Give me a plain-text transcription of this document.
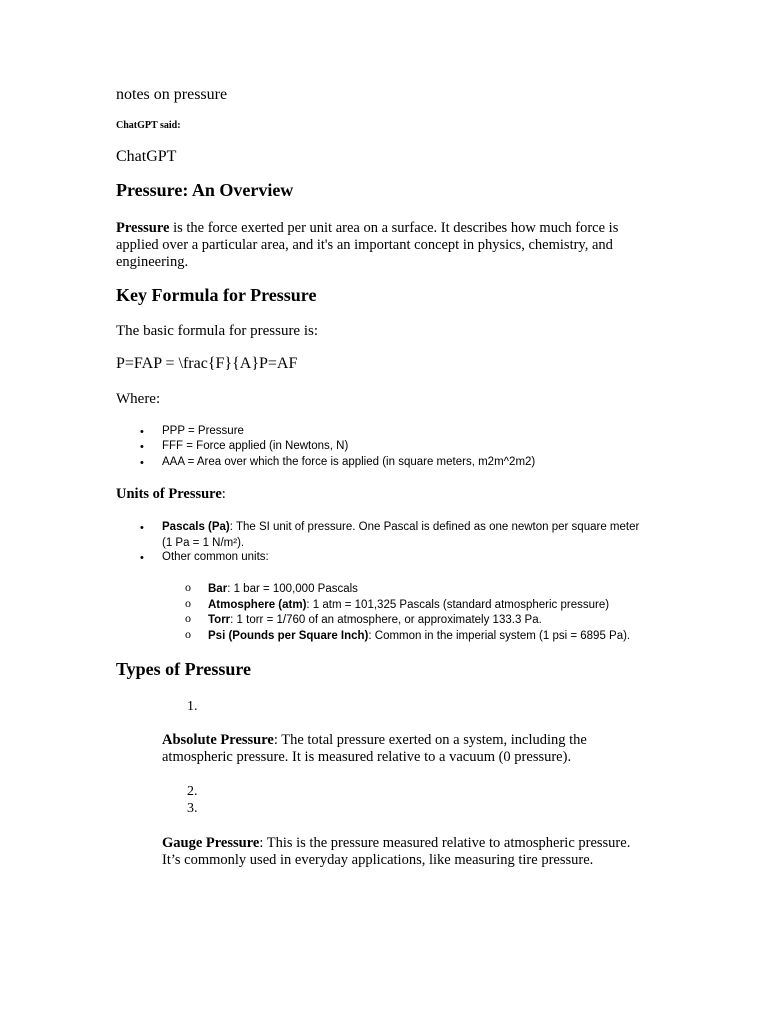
notes on pressure

ChatGPT said:

ChatGPT

Pressure: An Overview

Pressure is the force exerted per unit area on a surface. It describes how much force is applied over a particular area, and it's an important concept in physics, chemistry, and engineering.

Key Formula for Pressure

The basic formula for pressure is:

P=FAP = \frac{F}{A}P=AF

Where:

• PPP = Pressure
• FFF = Force applied (in Newtons, N)
• AAA = Area over which the force is applied (in square meters, m2m^2m2)

Units of Pressure:

• Pascals (Pa): The SI unit of pressure. One Pascal is defined as one newton per square meter (1 Pa = 1 N/m²).
• Other common units:
o Bar: 1 bar = 100,000 Pascals
o Atmosphere (atm): 1 atm = 101,325 Pascals (standard atmospheric pressure)
o Torr: 1 torr = 1/760 of an atmosphere, or approximately 133.3 Pa.
o Psi (Pounds per Square Inch): Common in the imperial system (1 psi = 6895 Pa).
Types of Pressure
1.

Absolute Pressure: The total pressure exerted on a system, including the atmospheric pressure. It is measured relative to a vacuum (0 pressure).

2.
3.

Gauge Pressure: This is the pressure measured relative to atmospheric pressure. It’s commonly used in everyday applications, like measuring tire pressure.
